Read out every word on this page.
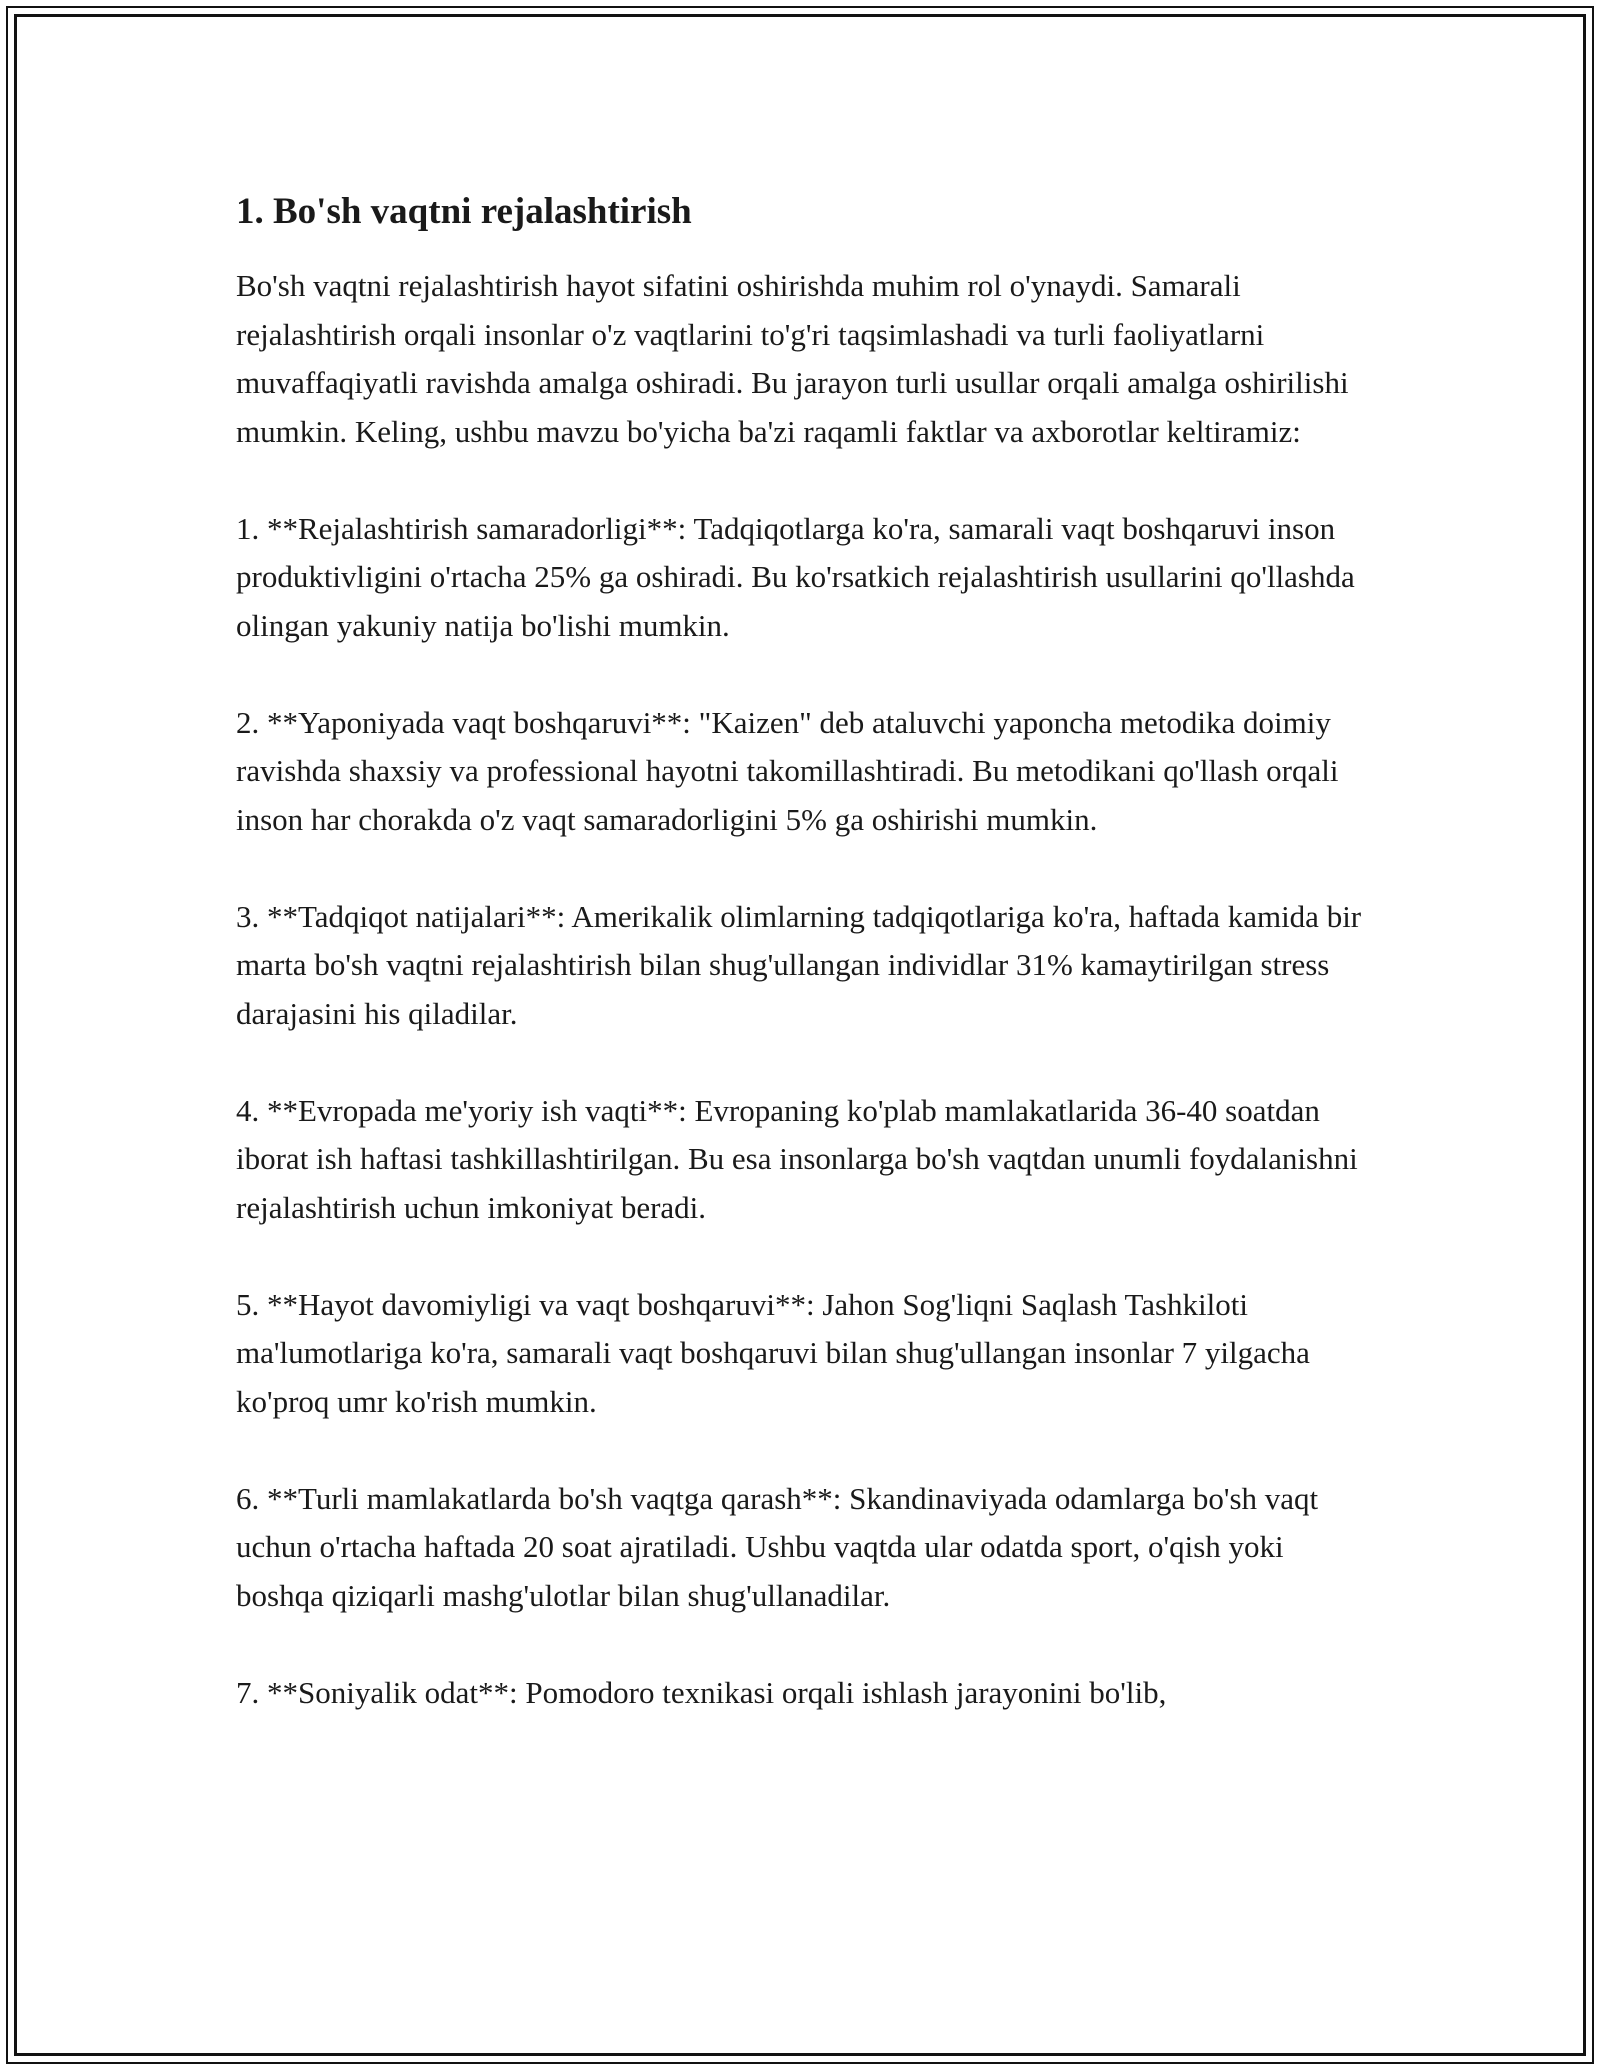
1. Bo'sh vaqtni rejalashtirish

Bo'sh vaqtni rejalashtirish hayot sifatini oshirishda muhim rol o'ynaydi. Samarali rejalashtirish orqali insonlar o'z vaqtlarini to'g'ri taqsimlashadi va turli faoliyatlarni muvaffaqiyatli ravishda amalga oshiradi. Bu jarayon turli usullar orqali amalga oshirilishi mumkin. Keling, ushbu mavzu bo'yicha ba'zi raqamli faktlar va axborotlar keltiramiz:

1. **Rejalashtirish samaradorligi**: Tadqiqotlarga ko'ra, samarali vaqt boshqaruvi inson produktivligini o'rtacha 25% ga oshiradi. Bu ko'rsatkich rejalashtirish usullarini qo'llashda olingan yakuniy natija bo'lishi mumkin.

2. **Yaponiyada vaqt boshqaruvi**: "Kaizen" deb ataluvchi yaponcha metodika doimiy ravishda shaxsiy va professional hayotni takomillashtiradi. Bu metodikani qo'llash orqali inson har chorakda o'z vaqt samaradorligini 5% ga oshirishi mumkin.

3. **Tadqiqot natijalari**: Amerikalik olimlarning tadqiqotlariga ko'ra, haftada kamida bir marta bo'sh vaqtni rejalashtirish bilan shug'ullangan individlar 31% kamaytirilgan stress darajasini his qiladilar.

4. **Evropada me'yoriy ish vaqti**: Evropaning ko'plab mamlakatlarida 36-40 soatdan iborat ish haftasi tashkillashtirilgan. Bu esa insonlarga bo'sh vaqtdan unumli foydalanishni rejalashtirish uchun imkoniyat beradi.

5. **Hayot davomiyligi va vaqt boshqaruvi**: Jahon Sog'liqni Saqlash Tashkiloti ma'lumotlariga ko'ra, samarali vaqt boshqaruvi bilan shug'ullangan insonlar 7 yilgacha ko'proq umr ko'rish mumkin.

6. **Turli mamlakatlarda bo'sh vaqtga qarash**: Skandinaviyada odamlarga bo'sh vaqt uchun o'rtacha haftada 20 soat ajratiladi. Ushbu vaqtda ular odatda sport, o'qish yoki boshqa qiziqarli mashg'ulotlar bilan shug'ullanadilar.

7. **Soniyalik odat**: Pomodoro texnikasi orqali ishlash jarayonini bo'lib,
